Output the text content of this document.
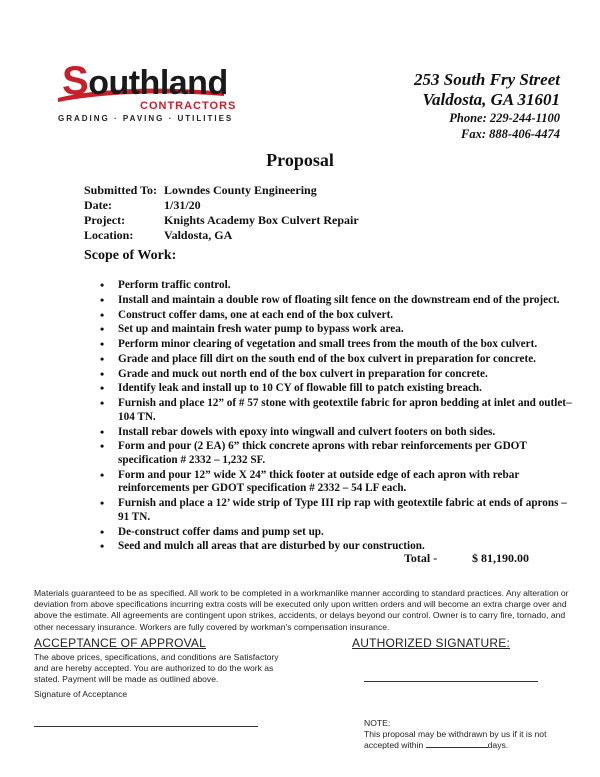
Southland
CONTRACTORS
GRADING · PAVING · UTILITIES
253 South Fry Street
Valdosta, GA 31601
Phone: 229-244-1100
Fax: 888-406-4474
Proposal
Submitted To: Lowndes County Engineering
Date:	1/31/20
Project:	Knights Academy Box Culvert Repair
Location:	Valdosta, GA
Scope of Work:
• Perform traffic control.
• Install and maintain a double row of floating silt fence on the downstream end of the project.
• Construct coffer dams, one at each end of the box culvert.
• Set up and maintain fresh water pump to bypass work area.
• Perform minor clearing of vegetation and small trees from the mouth of the box culvert.
• Grade and place fill dirt on the south end of the box culvert in preparation for concrete.
• Grade and muck out north end of the box culvert in preparation for concrete.
• Identify leak and install up to 10 CY of flowable fill to patch existing breach.
• Furnish and place 12” of # 57 stone with geotextile fabric for apron bedding at inlet and outlet– 104 TN.
• Install rebar dowels with epoxy into wingwall and culvert footers on both sides.
• Form and pour (2 EA) 6” thick concrete aprons with rebar reinforcements per GDOT specification # 2332 – 1,232 SF.
• Form and pour 12” wide X 24” thick footer at outside edge of each apron with rebar reinforcements per GDOT specification # 2332 – 54 LF each.
• Furnish and place a 12’ wide strip of Type III rip rap with geotextile fabric at ends of aprons – 91 TN.
• De-construct coffer dams and pump set up.
• Seed and mulch all areas that are disturbed by our construction.
Total -	$ 81,190.00
Materials guaranteed to be as specified. All work to be completed in a workmanlike manner according to standard practices. Any alteration or deviation from above specifications incurring extra costs will be executed only upon written orders and will become an extra charge over and above the estimate. All agreements are contingent upon strikes, accidents, or delays beyond our control. Owner is to carry fire, tornado, and other necessary insurance. Workers are fully covered by workman's compensation insurance.
ACCEPTANCE OF APPROVAL
The above prices, specifications, and conditions are Satisfactory and are hereby accepted. You are authorized to do the work as stated. Payment will be made as outlined above.
AUTHORIZED SIGNATURE:
Signature of Acceptance
NOTE:
This proposal may be withdrawn by us if it is not
accepted within	days.
